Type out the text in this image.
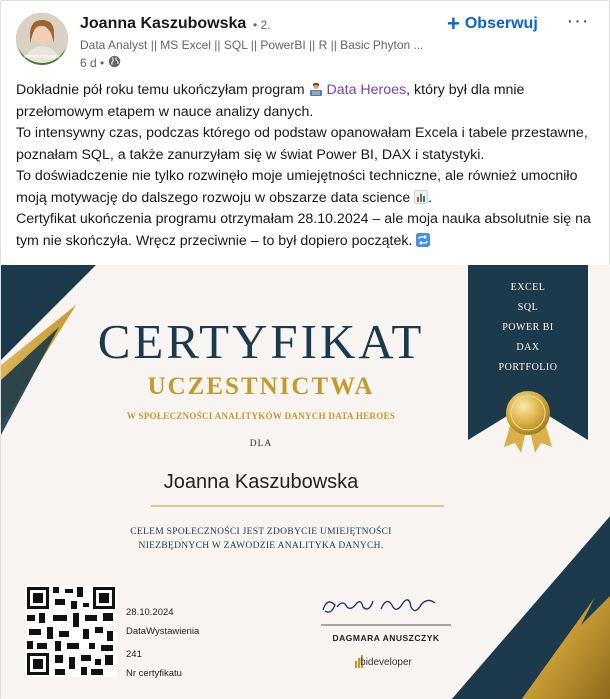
#OPENTOWORK
Joanna Kaszubowska • 2.
Data Analyst || MS Excel || SQL || PowerBI || R || Basic Phyton ...
6 d •
+ Obserwuj ···

Dokładnie pół roku temu ukończyłam program  Data Heroes, który był dla mnie przełomowym etapem w nauce analizy danych.

To intensywny czas, podczas którego od podstaw opanowałam Excela i tabele przestawne, poznałam SQL, a także zanurzyłam się w świat Power BI, DAX i statystyki.

To doświadczenie nie tylko rozwinęło moje umiejętności techniczne, ale również umocniło moją motywację do dalszego rozwoju w obszarze data science .

Certyfikat ukończenia programu otrzymałam 28.10.2024 – ale moja nauka absolutnie się na tym nie skończyła. Wręcz przeciwnie – to był dopiero początek.

CERTYFIKAT
UCZESTNICTWA
W SPOŁECZNOŚCI ANALITYKÓW DANYCH DATA HEROES
DLA
Joanna Kaszubowska
CELEM SPOŁECZNOŚCI JEST ZDOBYCIE UMIEJĘTNOŚCI
NIEZBĘDNYCH W ZAWODZIE ANALITYKA DANYCH.
28.10.2024
DataWystawienia
241
Nr certyfikatu
DAGMARA ANUSZCZYK
bideveloper
EXCEL
SQL
POWER BI
DAX
PORTFOLIO
